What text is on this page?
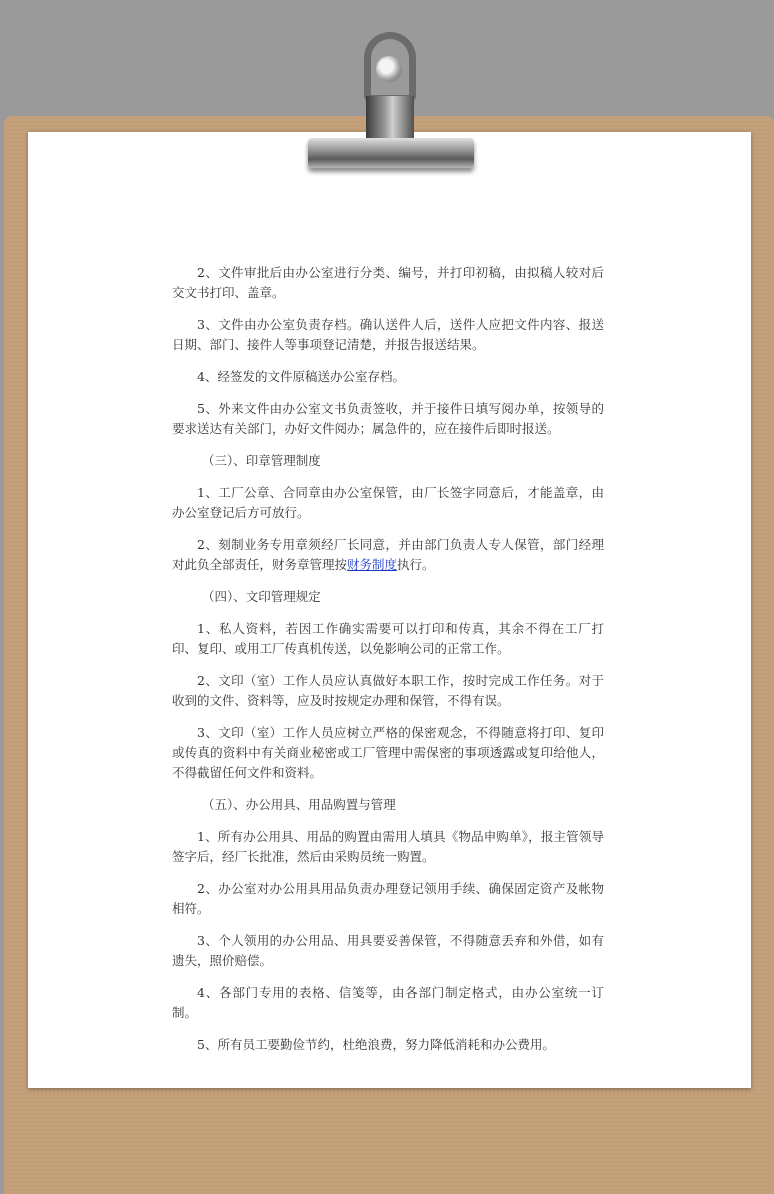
2、文件审批后由办公室进行分类、编号，并打印初稿，由拟稿人较对后交文书打印、盖章。

3、文件由办公室负责存档。确认送件人后，送件人应把文件内容、报送日期、部门、接件人等事项登记清楚，并报告报送结果。

4、经签发的文件原稿送办公室存档。

5、外来文件由办公室文书负责签收，并于接件日填写阅办单，按领导的要求送达有关部门，办好文件阅办；属急件的，应在接件后即时报送。

（三）、印章管理制度

1、工厂公章、合同章由办公室保管，由厂长签字同意后，才能盖章，由办公室登记后方可放行。

2、刻制业务专用章须经厂长同意，并由部门负责人专人保管，部门经理对此负全部责任，财务章管理按财务制度执行。

（四）、文印管理规定

1、私人资料，若因工作确实需要可以打印和传真，其余不得在工厂打印、复印、或用工厂传真机传送，以免影响公司的正常工作。

2、文印（室）工作人员应认真做好本职工作，按时完成工作任务。对于收到的文件、资料等，应及时按规定办理和保管，不得有误。

3、文印（室）工作人员应树立严格的保密观念，不得随意将打印、复印或传真的资料中有关商业秘密或工厂管理中需保密的事项透露或复印给他人，不得截留任何文件和资料。

（五）、办公用具、用品购置与管理

1、所有办公用具、用品的购置由需用人填具《物品申购单》，报主管领导签字后，经厂长批准，然后由采购员统一购置。

2、办公室对办公用具用品负责办理登记领用手续、确保固定资产及帐物相符。

3、个人领用的办公用品、用具要妥善保管，不得随意丢弃和外借，如有遗失，照价赔偿。

4、各部门专用的表格、信笺等，由各部门制定格式，由办公室统一订制。

5、所有员工要勤俭节约，杜绝浪费，努力降低消耗和办公费用。
